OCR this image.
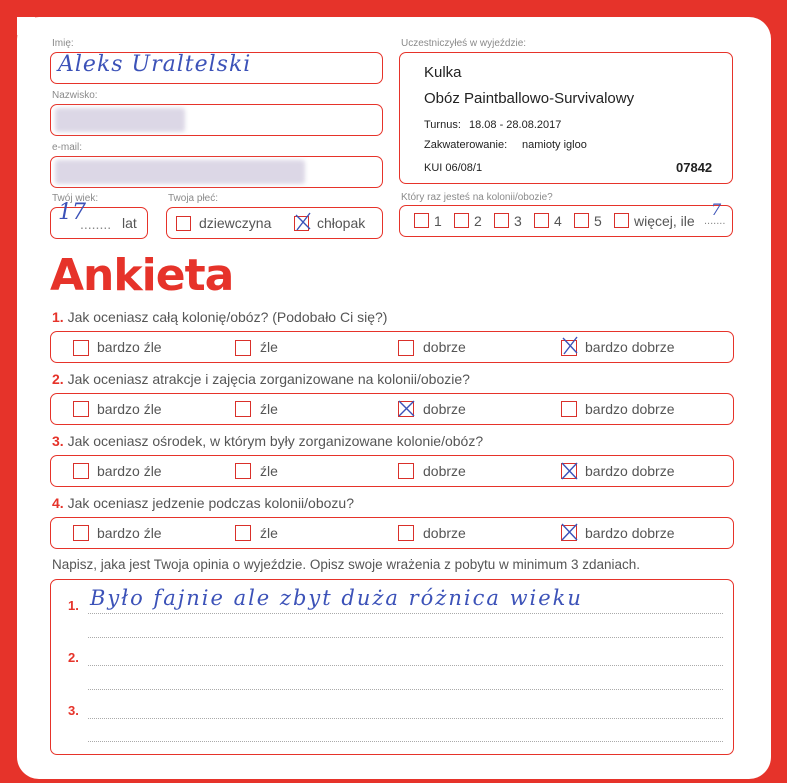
Imię:
Aleks Uraltelski
Nazwisko:
e-mail:
Twój wiek:
17
........ lat
Twoja płeć:
dziewczyna	chłopak
Uczestniczyłeś w wyjeździe:
Kulka
Obóz Paintballowo-Survivalowy
Turnus: 18.08 - 28.08.2017
Zakwaterowanie: namioty igloo
KUI 06/08/1	07842
Który raz jesteś na kolonii/obozie?
1 2 3 4 5 więcej, ile .......
7
Ankieta
1. Jak oceniasz całą kolonię/obóz? (Podobało Ci się?)
bardzo źle	źle	dobrze	bardzo dobrze
2. Jak oceniasz atrakcje i zajęcia zorganizowane na kolonii/obozie?
bardzo źle	źle	dobrze	bardzo dobrze
3. Jak oceniasz ośrodek, w którym były zorganizowane kolonie/obóz?
bardzo źle	źle	dobrze	bardzo dobrze
4. Jak oceniasz jedzenie podczas kolonii/obozu?
bardzo źle	źle	dobrze	bardzo dobrze
Napisz, jaka jest Twoja opinia o wyjeździe. Opisz swoje wrażenia z pobytu w minimum 3 zdaniach.
1.
2.
3.
Było fajnie ale zbyt duża różnica wieku
